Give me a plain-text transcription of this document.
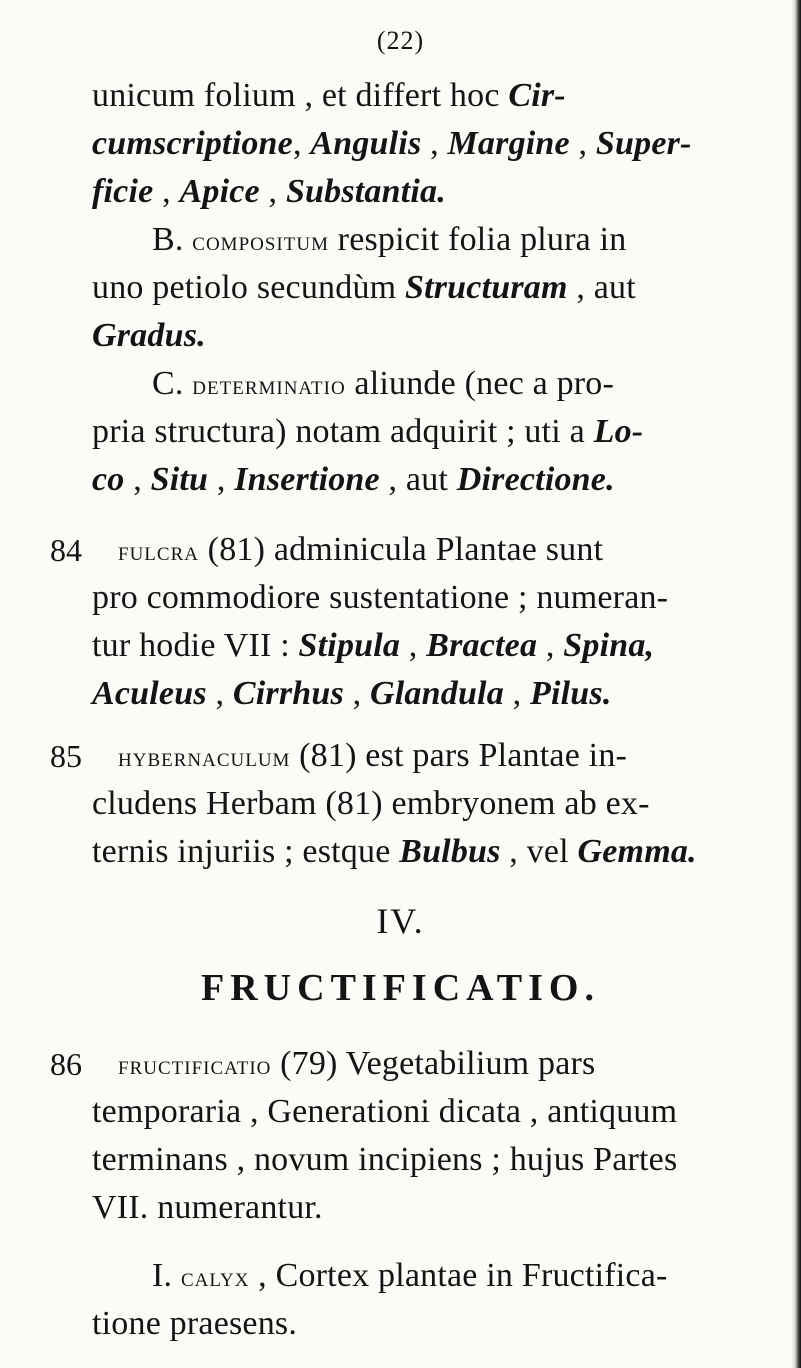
(22)
unicum folium , et differt hoc Cir-
cumscriptione, Angulis , Margine , Super-
ficie , Apice , Substantia.
B. compositum respicit folia plura in
uno petiolo secundùm Structuram , aut
Gradus.
C. determinatio aliunde (nec a pro-
pria structura) notam adquirit ; uti a Lo-
co , Situ , Insertione , aut Directione.
84 fulcra (81) adminicula Plantae sunt
pro commodiore sustentatione ; numeran-
tur hodie VII : Stipula , Bractea , Spina,
Aculeus , Cirrhus , Glandula , Pilus.
85 hybernaculum (81) est pars Plantae in-
cludens Herbam (81) embryonem ab ex-
ternis injuriis ; estque Bulbus , vel Gemma.
IV.
FRUCTIFICATIO.
86 fructificatio (79) Vegetabilium pars
temporaria , Generationi dicata , antiquum
terminans , novum incipiens ; hujus Partes
VII. numerantur.
I. calyx , Cortex plantae in Fructifica-
tione praesens.
